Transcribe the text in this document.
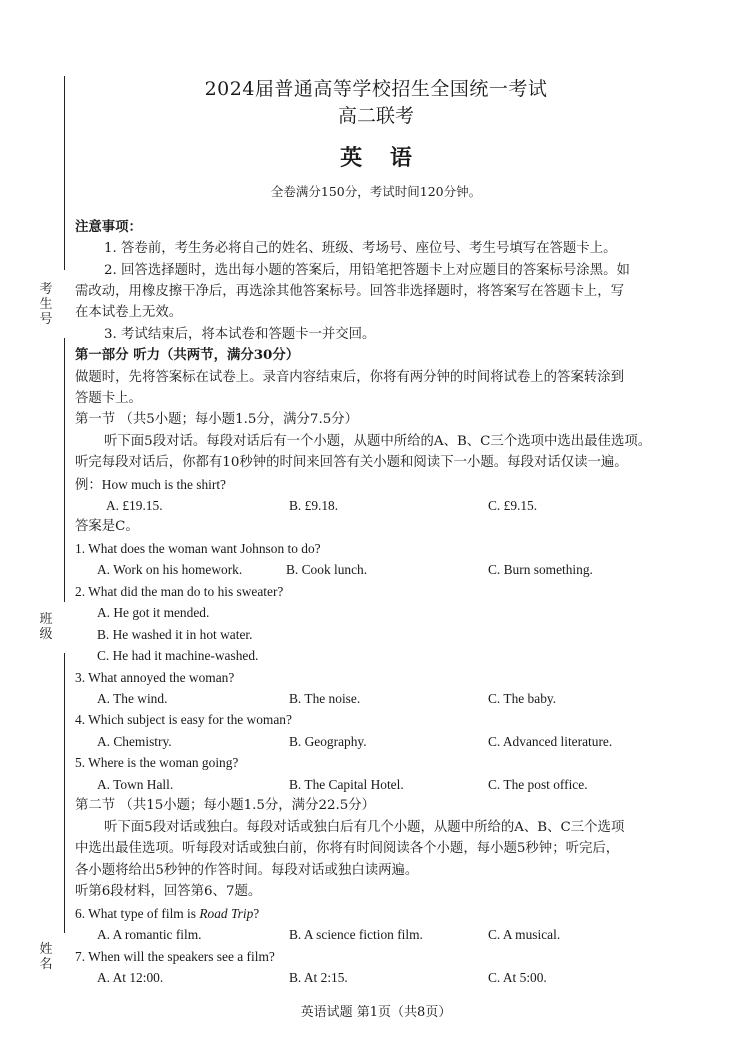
考生号
班级
姓名
2024届普通高等学校招生全国统一考试
高二联考
英 语
全卷满分150分，考试时间120分钟。
注意事项：
1. 答卷前，考生务必将自己的姓名、班级、考场号、座位号、考生号填写在答题卡上。
2. 回答选择题时，选出每小题的答案后，用铅笔把答题卡上对应题目的答案标号涂黑。如
需改动，用橡皮擦干净后，再选涂其他答案标号。回答非选择题时，将答案写在答题卡上，写
在本试卷上无效。
3. 考试结束后，将本试卷和答题卡一并交回。
第一部分 听力（共两节，满分30分）
做题时，先将答案标在试卷上。录音内容结束后，你将有两分钟的时间将试卷上的答案转涂到
答题卡上。
第一节 （共5小题；每小题1.5分，满分7.5分）
听下面5段对话。每段对话后有一个小题，从题中所给的A、B、C三个选项中选出最佳选项。
听完每段对话后，你都有10秒钟的时间来回答有关小题和阅读下一小题。每段对话仅读一遍。
例：How much is the shirt?
A. £19.15.	B. £9.18.	C. £9.15.
答案是C。
1. What does the woman want Johnson to do?
A. Work on his homework.	B. Cook lunch.	C. Burn something.
2. What did the man do to his sweater?
A. He got it mended.
B. He washed it in hot water.
C. He had it machine-washed.
3. What annoyed the woman?
A. The wind.	B. The noise.	C. The baby.
4. Which subject is easy for the woman?
A. Chemistry.	B. Geography.	C. Advanced literature.
5. Where is the woman going?
A. Town Hall.	B. The Capital Hotel.	C. The post office.
第二节 （共15小题；每小题1.5分，满分22.5分）
听下面5段对话或独白。每段对话或独白后有几个小题，从题中所给的A、B、C三个选项
中选出最佳选项。听每段对话或独白前，你将有时间阅读各个小题，每小题5秒钟；听完后，
各小题将给出5秒钟的作答时间。每段对话或独白读两遍。
听第6段材料，回答第6、7题。
6. What type of film is Road Trip?
A. A romantic film.	B. A science fiction film.	C. A musical.
7. When will the speakers see a film?
A. At 12:00.	B. At 2:15.	C. At 5:00.
英语试题 第1页（共8页）
